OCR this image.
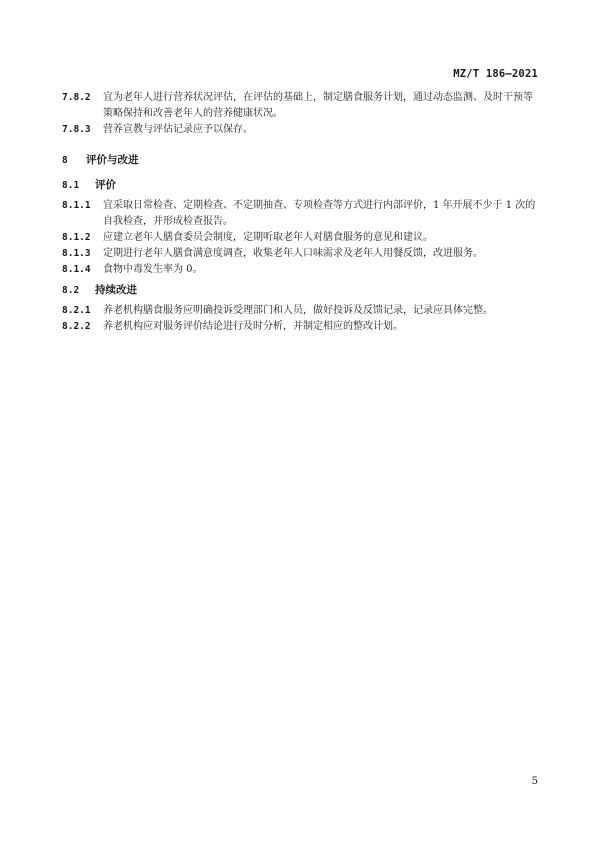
MZ/T 186—2021

7.8.2 宜为老年人进行营养状况评估，在评估的基础上，制定膳食服务计划，通过动态监测、及时干预等策略保持和改善老年人的营养健康状况。

7.8.3 营养宣教与评估记录应予以保存。

8 评价与改进

8.1 评价

8.1.1 宜采取日常检查、定期检查、不定期抽查、专项检查等方式进行内部评价，1 年开展不少于 1 次的自我检查，并形成检查报告。

8.1.2 应建立老年人膳食委员会制度，定期听取老年人对膳食服务的意见和建议。

8.1.3 定期进行老年人膳食满意度调查，收集老年人口味需求及老年人用餐反馈，改进服务。

8.1.4 食物中毒发生率为 0。

8.2 持续改进

8.2.1 养老机构膳食服务应明确投诉受理部门和人员，做好投诉及反馈记录，记录应具体完整。

8.2.2 养老机构应对服务评价结论进行及时分析，并制定相应的整改计划。

5
